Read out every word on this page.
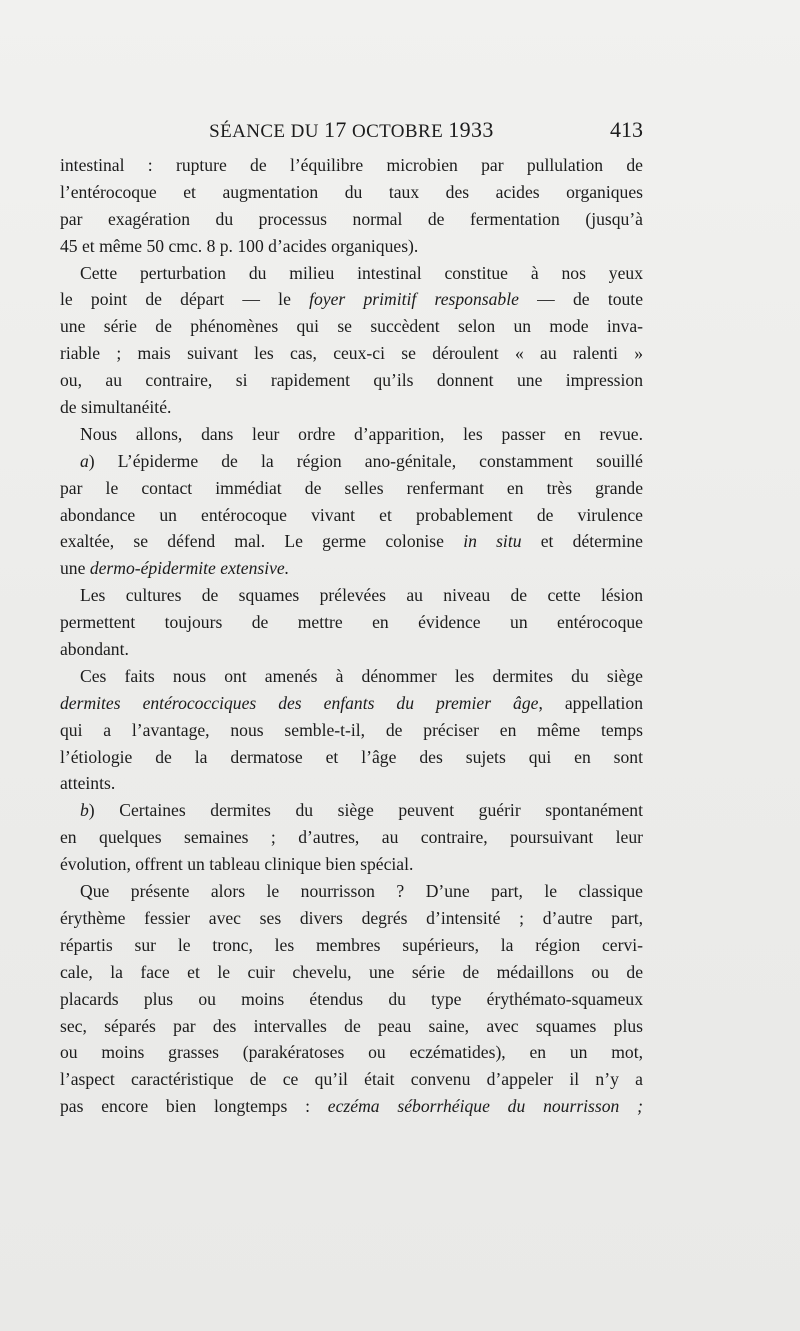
SÉANCE DU 17 OCTOBRE 1933	413
intestinal : rupture de l’équilibre microbien par pullulation de
l’entérocoque et augmentation du taux des acides organiques
par exagération du processus normal de fermentation (jusqu’à
45 et même 50 cmc. 8 p. 100 d’acides organiques).
Cette perturbation du milieu intestinal constitue à nos yeux
le point de départ — le foyer primitif responsable — de toute
une série de phénomènes qui se succèdent selon un mode inva-
riable ; mais suivant les cas, ceux-ci se déroulent « au ralenti »
ou, au contraire, si rapidement qu’ils donnent une impression
de simultanéité.
Nous allons, dans leur ordre d’apparition, les passer en revue.
a) L’épiderme de la région ano-génitale, constamment souillé
par le contact immédiat de selles renfermant en très grande
abondance un entérocoque vivant et probablement de virulence
exaltée, se défend mal. Le germe colonise in situ et détermine
une dermo-épidermite extensive.
Les cultures de squames prélevées au niveau de cette lésion
permettent toujours de mettre en évidence un entérocoque
abondant.
Ces faits nous ont amenés à dénommer les dermites du siège
dermites entérococciques des enfants du premier âge, appellation
qui a l’avantage, nous semble-t-il, de préciser en même temps
l’étiologie de la dermatose et l’âge des sujets qui en sont
atteints.
b) Certaines dermites du siège peuvent guérir spontanément
en quelques semaines ; d’autres, au contraire, poursuivant leur
évolution, offrent un tableau clinique bien spécial.
Que présente alors le nourrisson ? D’une part, le classique
érythème fessier avec ses divers degrés d’intensité ; d’autre part,
répartis sur le tronc, les membres supérieurs, la région cervi-
cale, la face et le cuir chevelu, une série de médaillons ou de
placards plus ou moins étendus du type érythémato-squameux
sec, séparés par des intervalles de peau saine, avec squames plus
ou moins grasses (parakératoses ou eczématides), en un mot,
l’aspect caractéristique de ce qu’il était convenu d’appeler il n’y a
pas encore bien longtemps : eczéma séborrhéique du nourrisson ;
